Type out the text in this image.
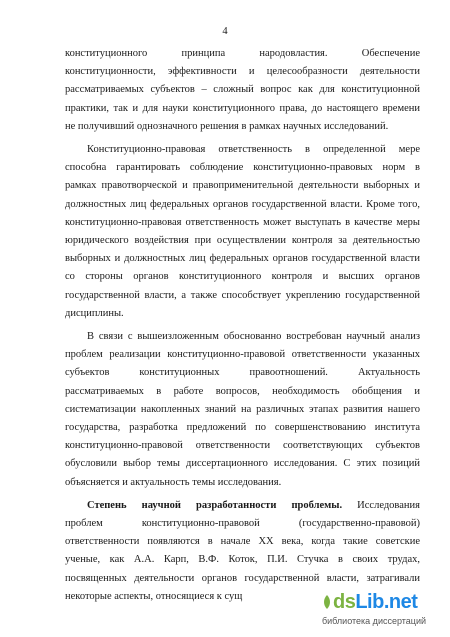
4
конституционного принципа народовластия. Обеспечение
конституционности, эффективности и целесообразности деятельности
рассматриваемых субъектов – сложный вопрос как для конституционной
практики, так и для науки конституционного права, до настоящего времени
не получивший однозначного решения в рамках научных исследований.
Конституционно-правовая ответственность в определенной мере
способна гарантировать соблюдение конституционно-правовых норм в
рамках правотворческой и правоприменительной деятельности выборных и
должностных лиц федеральных органов государственной власти. Кроме того,
конституционно-правовая ответственность может выступать в качестве меры
юридического воздействия при осуществлении контроля за деятельностью
выборных и должностных лиц федеральных органов государственной власти
со стороны органов конституционного контроля и высших органов
государственной власти, а также способствует укреплению государственной
дисциплины.
В связи с вышеизложенным обоснованно востребован научный анализ
проблем реализации конституционно-правовой ответственности указанных
субъектов конституционных правоотношений. Актуальность
рассматриваемых в работе вопросов, необходимость обобщения и
систематизации накопленных знаний на различных этапах развития нашего
государства, разработка предложений по совершенствованию института
конституционно-правовой ответственности соответствующих субъектов
обусловили выбор темы диссертационного исследования. С этих позиций
объясняется и актуальность темы исследования.
Степень научной разработанности проблемы. Исследования
проблем конституционно-правовой (государственно-правовой)
ответственности появляются в начале XX века, когда такие советские
ученые, как А.А. Карп, В.Ф. Коток, П.И. Стучка в своих трудах,
посвященных деятельности органов государственной власти, затрагивали
некоторые аспекты, относящиеся к сущ	dsLib.net
библиотека диссертаций
